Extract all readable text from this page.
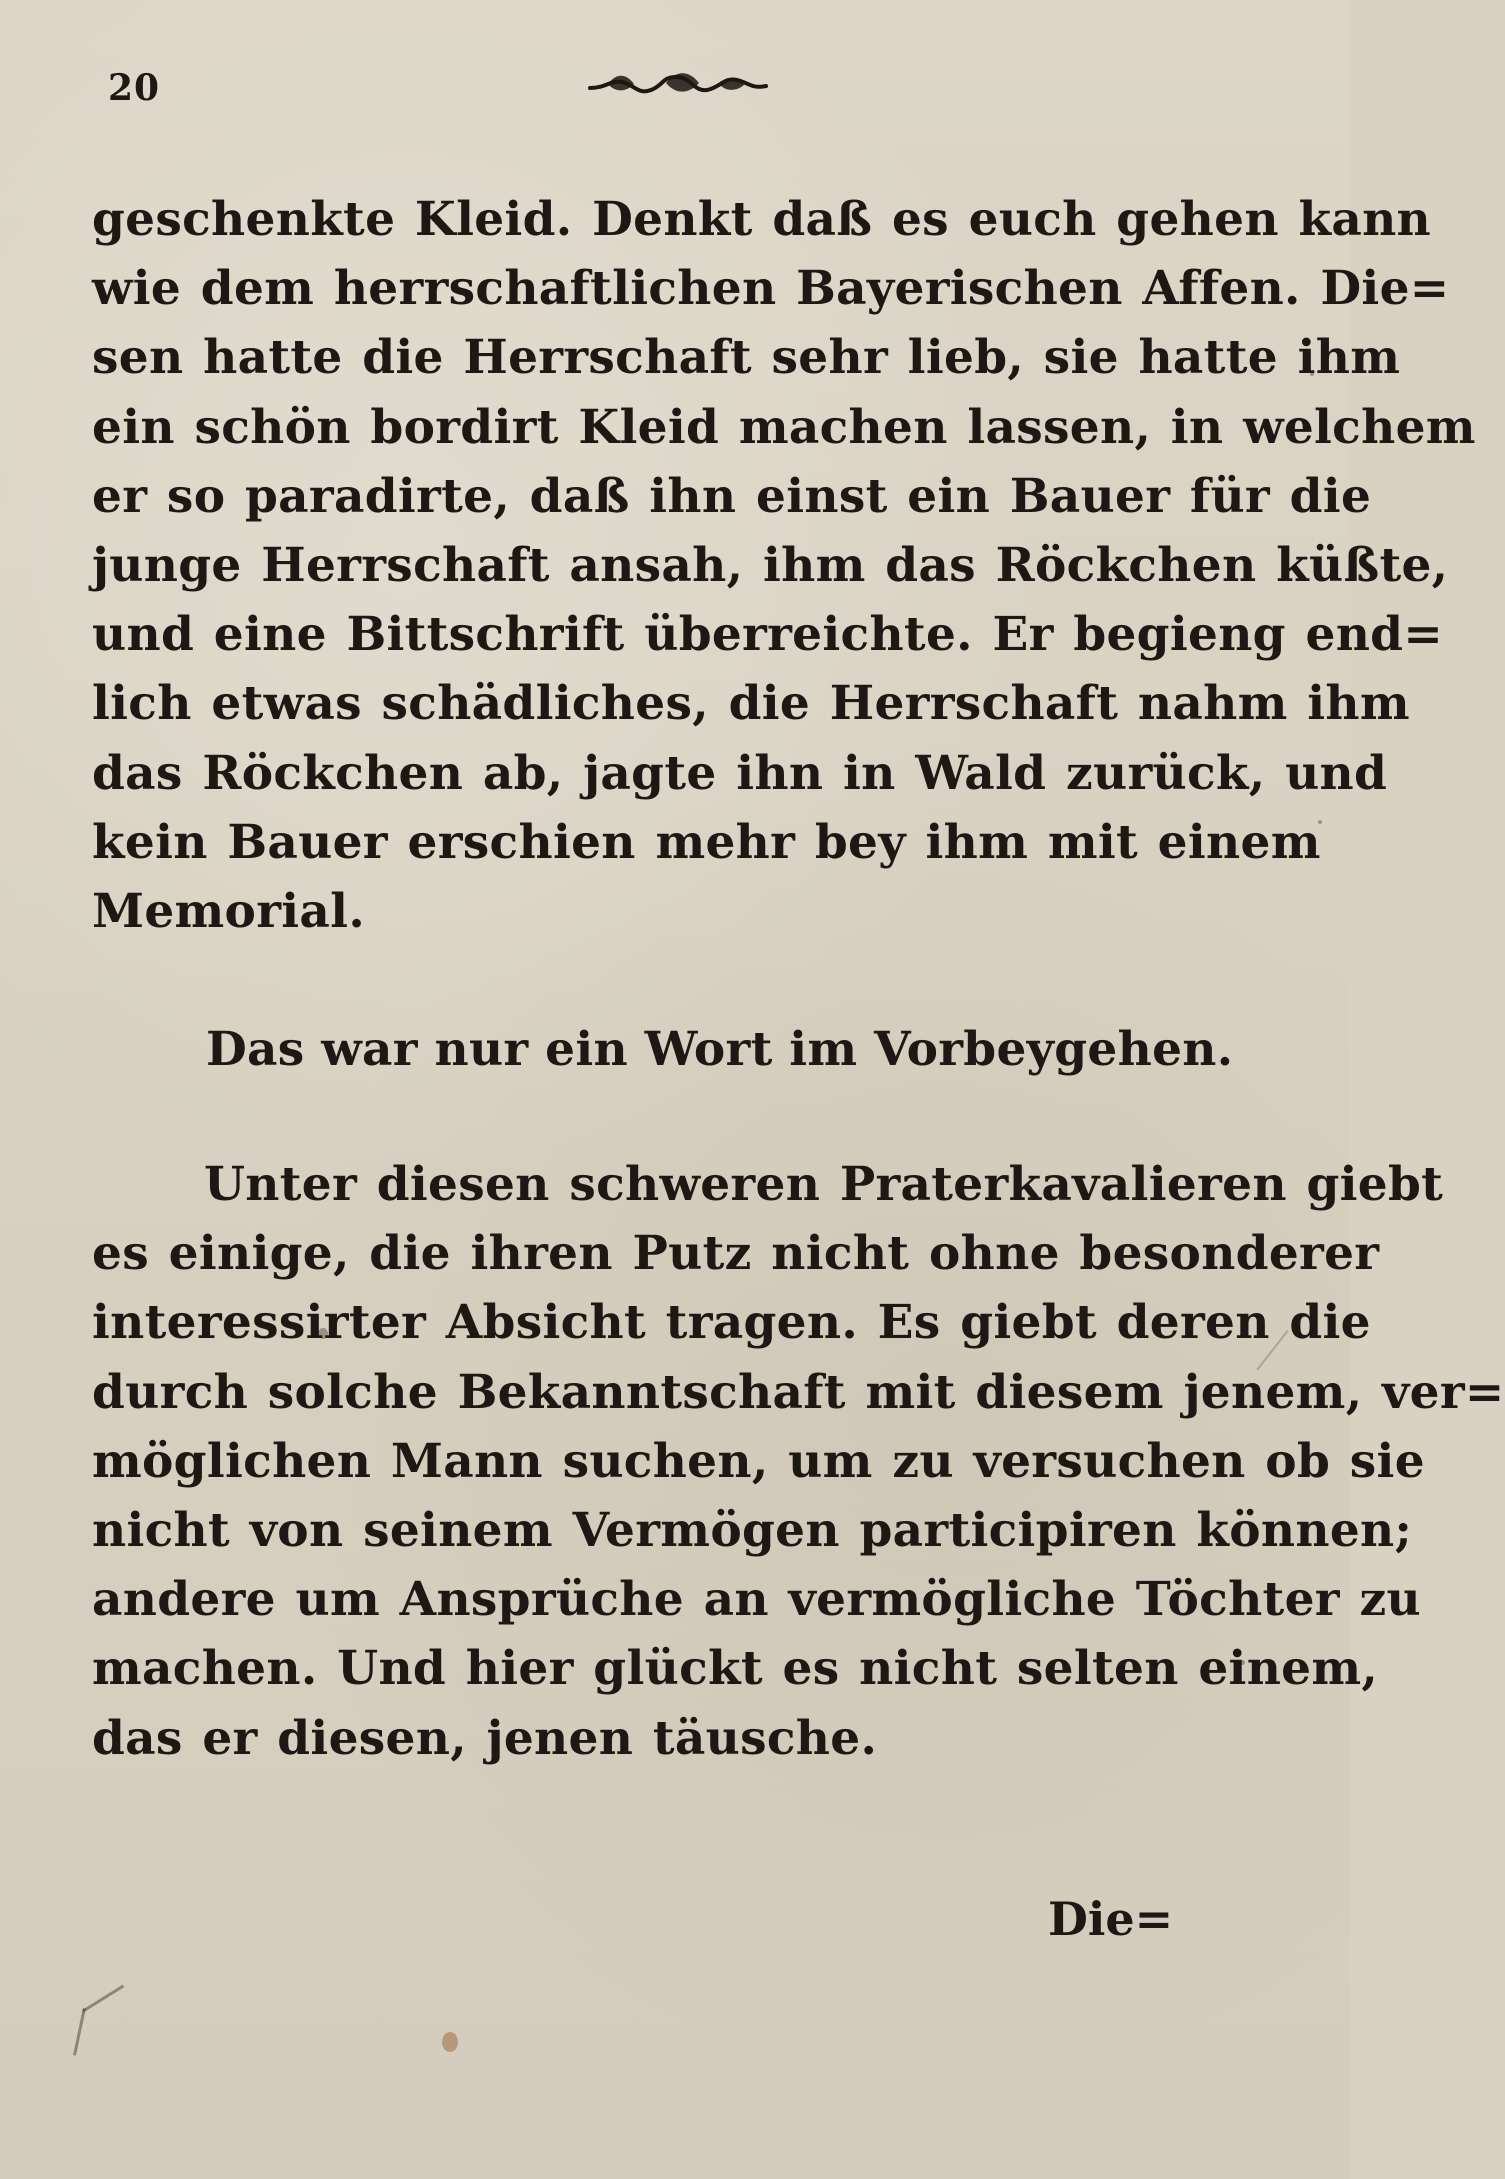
20
geschenkte Kleid. Denkt daß es euch gehen kann
wie dem herrschaftlichen Bayerischen Affen. Die=
sen hatte die Herrschaft sehr lieb, sie hatte ihm
ein schön bordirt Kleid machen lassen, in welchem
er so paradirte, daß ihn einst ein Bauer für die
junge Herrschaft ansah, ihm das Röckchen küßte,
und eine Bittschrift überreichte. Er begieng end=
lich etwas schädliches, die Herrschaft nahm ihm
das Röckchen ab, jagte ihn in Wald zurück, und
kein Bauer erschien mehr bey ihm mit einem
Memorial.
Das war nur ein Wort im Vorbeygehen.
Unter diesen schweren Praterkavalieren giebt
es einige, die ihren Putz nicht ohne besonderer
interessirter Absicht tragen. Es giebt deren die
durch solche Bekanntschaft mit diesem jenem, ver=
möglichen Mann suchen, um zu versuchen ob sie
nicht von seinem Vermögen participiren können;
andere um Ansprüche an vermögliche Töchter zu
machen. Und hier glückt es nicht selten einem,
das er diesen, jenen täusche.
Die=
